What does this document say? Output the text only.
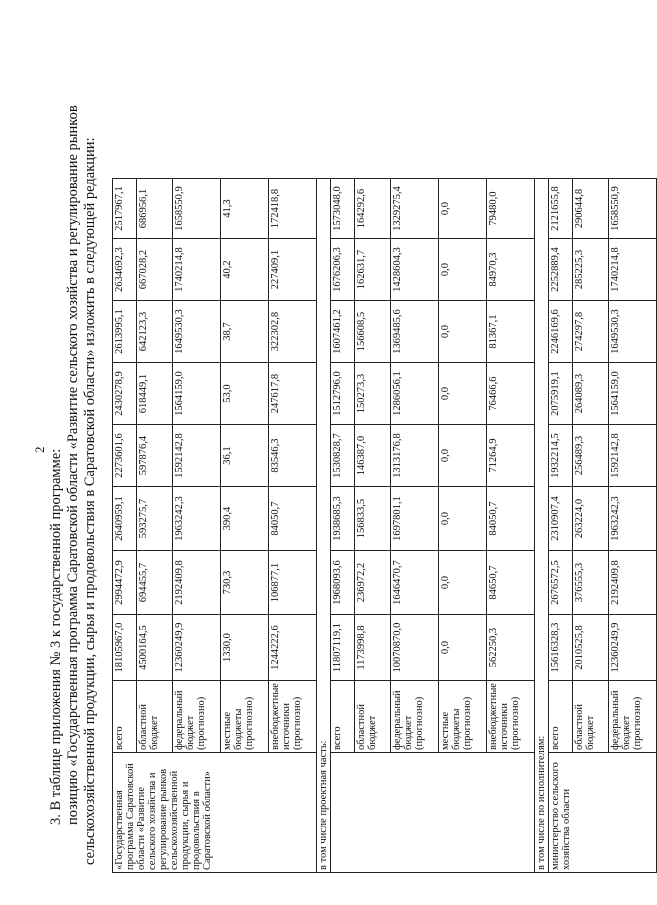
2 3. В таблице приложения № 3 к государственной программе: позицию «Государственная программа Саратовской области «Развитие сельского хозяйства и регулирование рынков сельскохозяйственной продукции, сырья и продовольствия в Саратовской области» изложить в следующей редакции: «Государственная программа Саратовской области «Развитие сельского хозяйства и регулирование рынков сельскохозяйственной продукции, сырья и продовольствия в Саратовской области»	всего	18105967,0	2994472,9	2640959,1	2273601,6	2430278,9	2613995,1	2634692,3	2517967,1
	областной бюджет	4500164,5	694455,7	593275,7	597876,4	618449,1	642123,3	667028,2	686956,1
	федеральный бюджет (прогнозно)	12360249,9	2192409,8	1963242,3	1592142,8	1564159,0	1649530,3	1740214,8	1658550,9
	местные бюджеты (прогнозно)	1330,0	730,3	390,4	36,1	53,0	38,7	40,2	41,3
	внебюджетные источники (прогнозно)	1244222,6	106877,1	84050,7	83546,3	247617,8	322302,8	227409,1	172418,8
в том числе проектная часть:									
	всего	11807119,1	1968093,6	1938685,3	1530828,7	1512796,0	1607461,2	1676206,3	1573048,0
	областной бюджет	1173998,8	236972,2	156833,5	146387,0	150273,3	156608,5	162631,7	164292,6
	федеральный бюджет (прогнозно)	10070870,0	1646470,7	1697801,1	1313176,8	1286056,1	1369485,6	1428604,3	1329275,4
	местные бюджеты (прогнозно)	0,0	0,0	0,0	0,0	0,0	0,0	0,0	0,0
	внебюджетные источники (прогнозно)	562250,3	84650,7	84050,7	71264,9	76466,6	81367,1	84970,3	79480,0
в том числе по исполнителям:									
министерство сельского хозяйства области	всего	15616328,3	2676572,5	2310907,4	1932214,5	2075919,1	2246169,6	2252889,4	2121655,8
	областной бюджет	2010525,8	376555,3	263224,0	256489,3	264089,3	274297,8	285225,3	290644,8
	федеральный бюджет (прогнозно)	12360249,9	2192409,8	1963242,3	1592142,8	1564159,0	1649530,3	1740214,8	1658550,9
